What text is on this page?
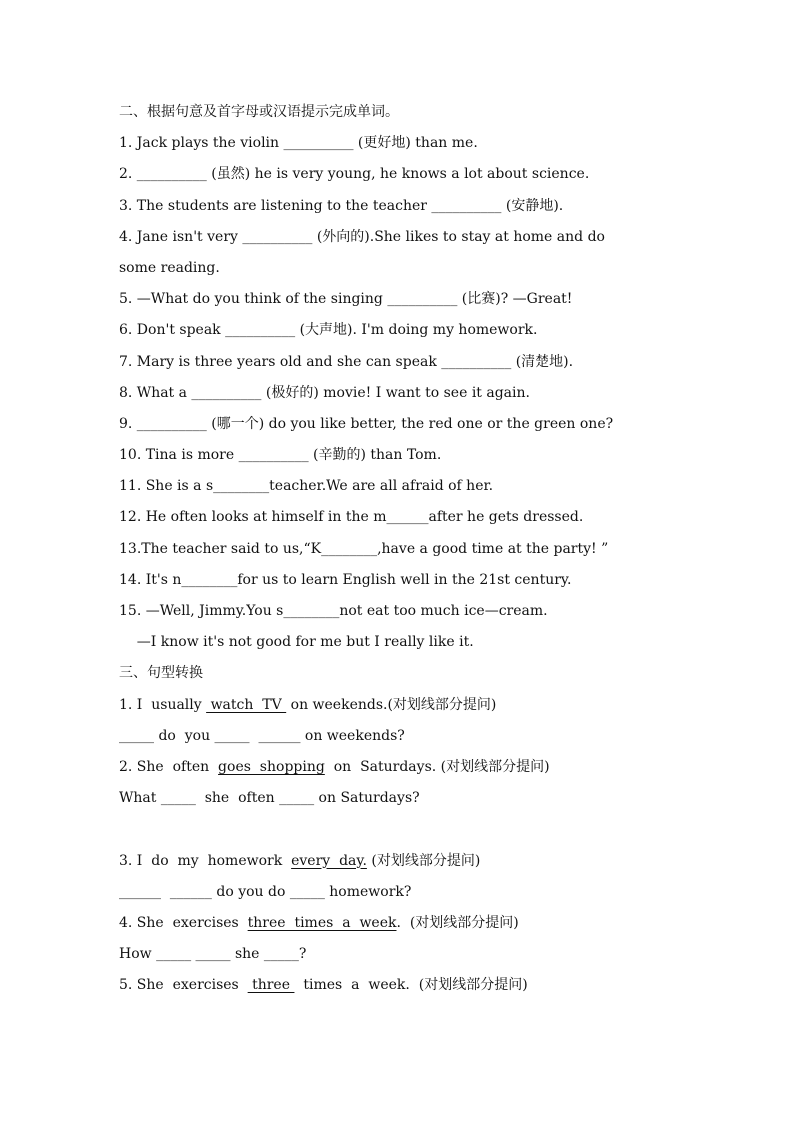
二、根据句意及首字母或汉语提示完成单词。
1. Jack plays the violin __________ (更好地) than me.
2. __________ (虽然) he is very young, he knows a lot about science.
3. The students are listening to the teacher __________ (安静地).
4. Jane isn't very __________ (外向的).She likes to stay at home and do
some reading.
5. —What do you think of the singing __________ (比赛)? —Great!
6. Don't speak __________ (大声地). I'm doing my homework.
7. Mary is three years old and she can speak __________ (清楚地).
8. What a __________ (极好的) movie! I want to see it again.
9. __________ (哪一个) do you like better, the red one or the green one?
10. Tina is more __________ (辛勤的) than Tom.
11. She is a s________teacher.We are all afraid of her.
12. He often looks at himself in the m______after he gets dressed.
13.The teacher said to us,“K________,have a good time at the party! ”
14. It's n________for us to learn English well in the 21st century.
15. —Well, Jimmy.You s________not eat too much ice—cream.
—I know it's not good for me but I really like it.
三、句型转换
1. I  usually  watch  TV  on weekends.(对划线部分提问)
_____ do  you _____  ______ on weekends?
2. She  often  goes  shopping  on  Saturdays. (对划线部分提问)
What _____  she  often _____ on Saturdays?
3. I  do  my  homework  every  day. (对划线部分提问)
______  ______ do you do _____ homework?
4. She  exercises  three  times  a  week.  (对划线部分提问)
How _____ _____ she _____?
5. She  exercises   three   times  a  week.  (对划线部分提问)
